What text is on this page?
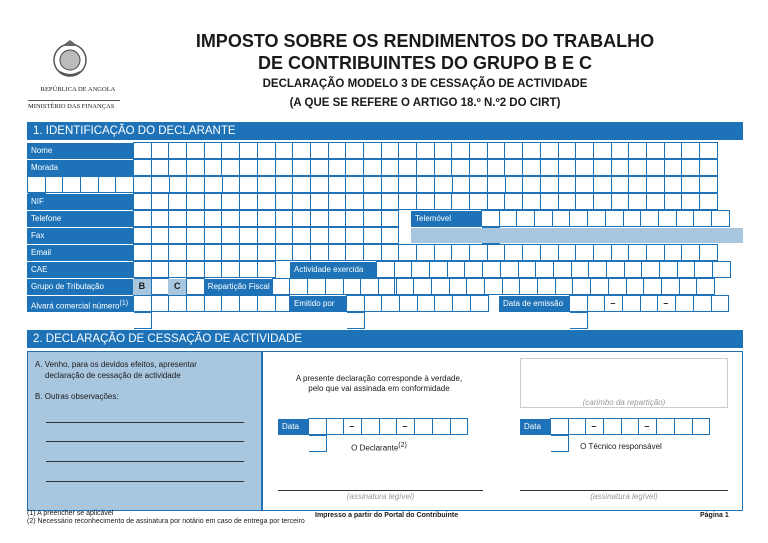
REPÚBLICA DE ANGOLA
MINISTÉRIO DAS FINANÇAS
IMPOSTO SOBRE OS RENDIMENTOS DO TRABALHO
DE CONTRIBUINTES DO GRUPO B E C
DECLARAÇÃO MODELO 3 DE CESSAÇÃO DE ACTIVIDADE
(A QUE SE REFERE O ARTIGO 18.º N.º2 DO CIRT)
1. IDENTIFICAÇÃO DO DECLARANTE
Nome
Morada
NIF
Telefone	Telemóvel
Fax
Email
CAE	Actividade exercida
Grupo de Tributação	B	C	Repartição Fiscal
Alvará comercial número$^{(1)}$	Emitido por	Data de emissão	–	–
2. DECLARAÇÃO DE CESSAÇÃO DE ACTIVIDADE
A. Venho, para os devidos efeitos, apresentar
declaração de cessação de actividade
B. Outras observações:
A presente declaração corresponde à verdade,
pelo que vai assinada em conformidade
(carimbo da repartição)
Data	–	–	Data	–	–
O Declarante$^{(2)}$	O Técnico responsável
(assinatura legível)	(assinatura legível)
(1) A preencher se aplicável
(2) Necessário reconhecimento de assinatura por notário em caso de entrega por terceiro
Impresso a partir do Portal do Contribuinte	Página 1
